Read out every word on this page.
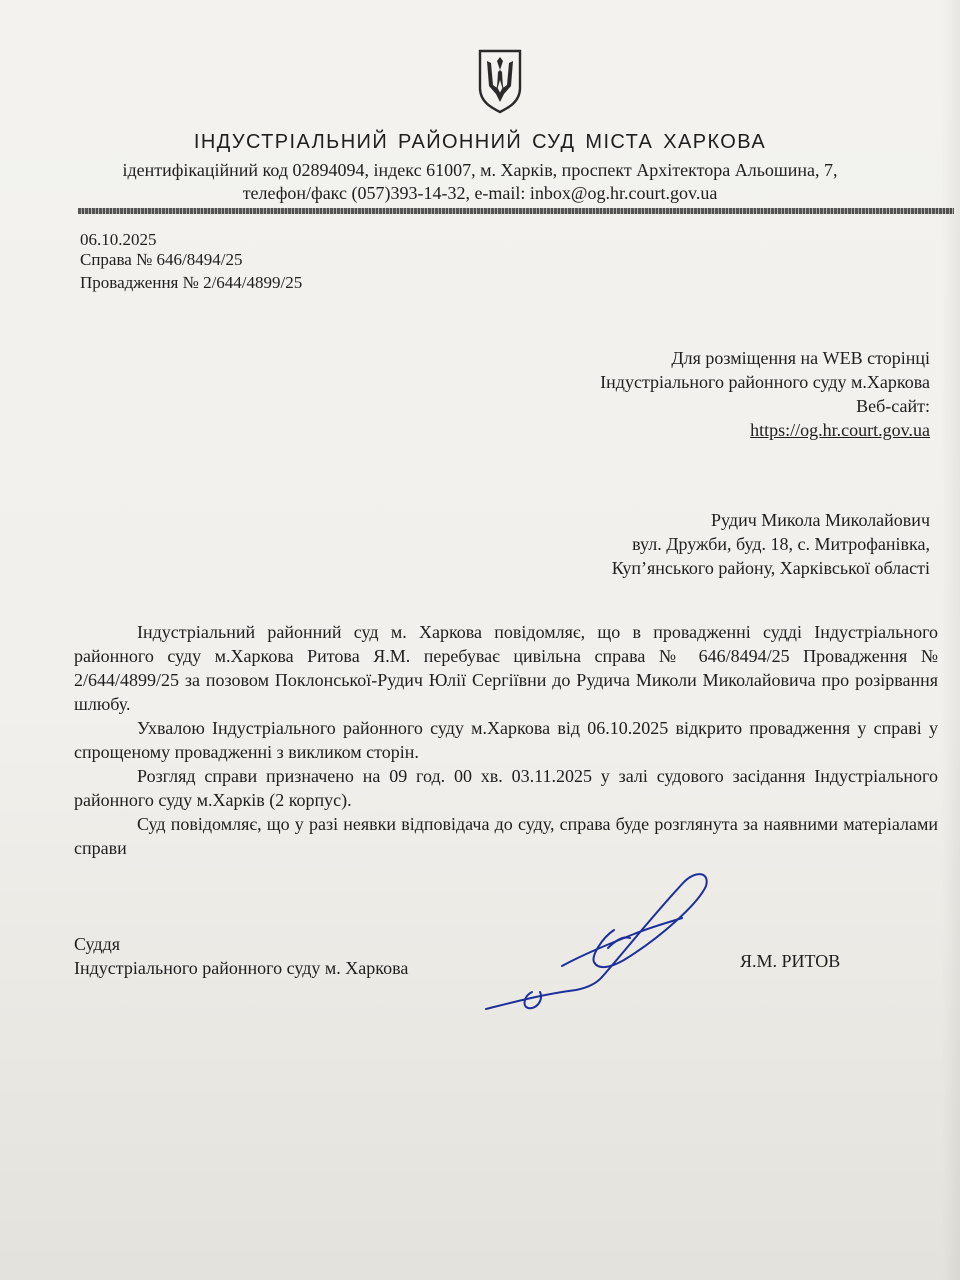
ІНДУСТРІАЛЬНИЙ РАЙОННИЙ СУД МІСТА ХАРКОВА
ідентифікаційний код 02894094, індекс 61007, м. Харків, проспект Архітектора Альошина, 7,
телефон/факс (057)393-14-32, e-mail: inbox@og.hr.court.gov.ua
06.10.2025
Справа № 646/8494/25
Провадження № 2/644/4899/25
Для розміщення на WEB сторінці
Індустріального районного суду м.Харкова
Веб-сайт:
https://og.hr.court.gov.ua
Рудич Микола Миколайович
вул. Дружби, буд. 18, с. Митрофанівка,
Куп’янського району, Харківської області

Індустріальний районний суд м. Харкова повідомляє, що в провадженні судді Індустріального районного суду м.Харкова Ритова Я.М. перебуває цивільна справа № 646/8494/25 Провадження № 2/644/4899/25 за позовом Поклонської-Рудич Юлії Сергіївни до Рудича Миколи Миколайовича про розірвання шлюбу.

Ухвалою Індустріального районного суду м.Харкова від 06.10.2025 відкрито провадження у справі у спрощеному провадженні з викликом сторін.

Розгляд справи призначено на 09 год. 00 хв. 03.11.2025 у залі судового засідання Індустріального районного суду м.Харків (2 корпус).

Суд повідомляє, що у разі неявки відповідача до суду, справа буде розглянута за наявними матеріалами справи

Суддя
Індустріального районного суду м. Харкова	Я.М. РИТОВ
